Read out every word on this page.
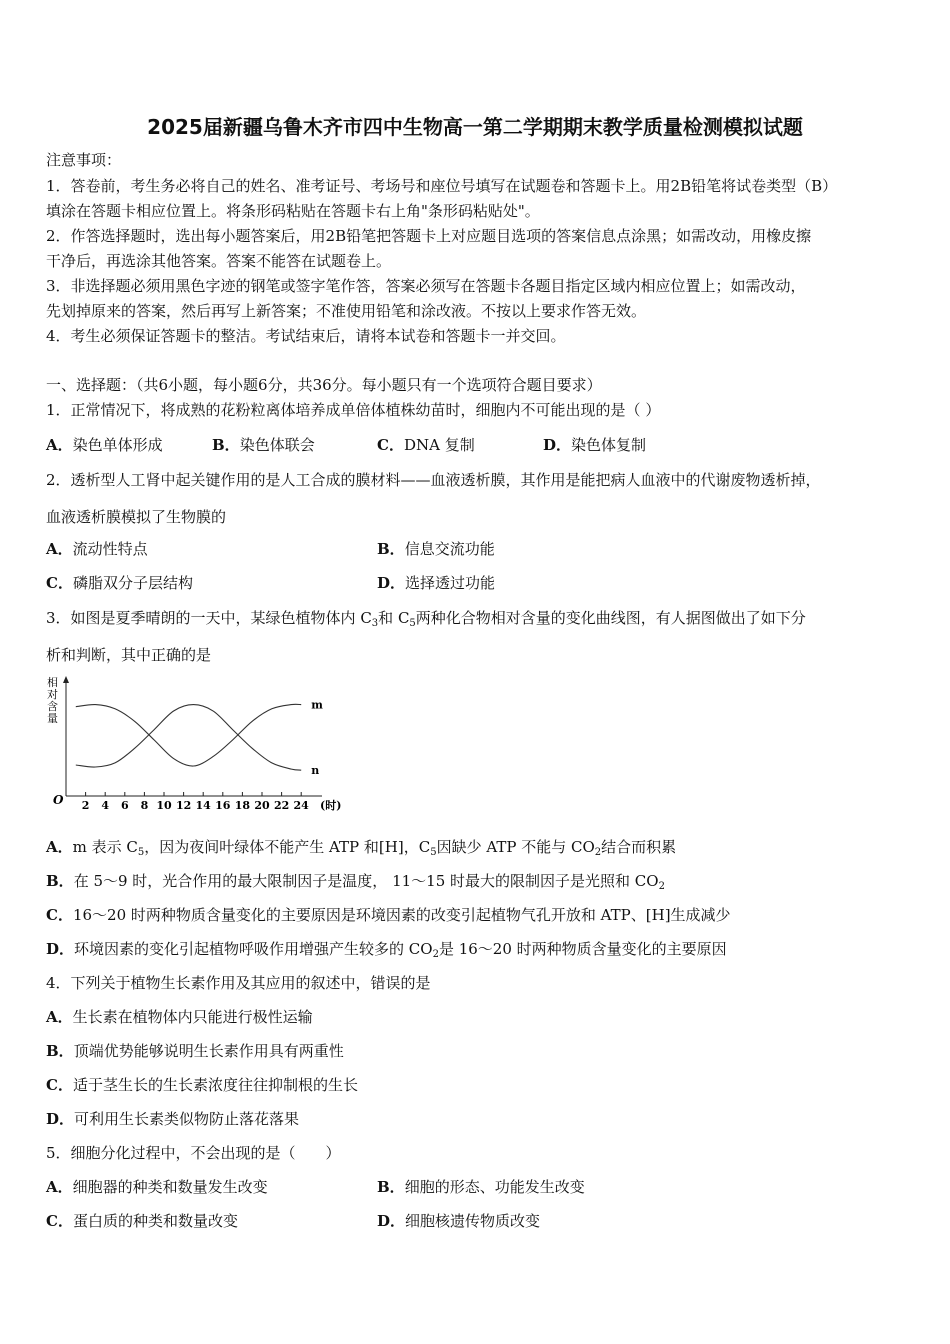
2025届新疆乌鲁木齐市四中生物高一第二学期期末教学质量检测模拟试题
注意事项：
1．答卷前，考生务必将自己的姓名、准考证号、考场号和座位号填写在试题卷和答题卡上。用2B铅笔将试卷类型（B）
填涂在答题卡相应位置上。将条形码粘贴在答题卡右上角"条形码粘贴处"。
2．作答选择题时，选出每小题答案后，用2B铅笔把答题卡上对应题目选项的答案信息点涂黑；如需改动，用橡皮擦
干净后，再选涂其他答案。答案不能答在试题卷上。
3．非选择题必须用黑色字迹的钢笔或签字笔作答，答案必须写在答题卡各题目指定区域内相应位置上；如需改动，
先划掉原来的答案，然后再写上新答案；不准使用铅笔和涂改液。不按以上要求作答无效。
4．考生必须保证答题卡的整洁。考试结束后，请将本试卷和答题卡一并交回。
一、选择题：（共6小题，每小题6分，共36分。每小题只有一个选项符合题目要求）
1．正常情况下，将成熟的花粉粒离体培养成单倍体植株幼苗时，细胞内不可能出现的是（ ）
A．染色单体形成	B．染色体联会	C．DNA 复制	D．染色体复制
2．透析型人工肾中起关键作用的是人工合成的膜材料——血液透析膜，其作用是能把病人血液中的代谢废物透析掉，
血液透析膜模拟了生物膜的
A．流动性特点	B．信息交流功能
C．磷脂双分子层结构	D．选择透过功能
3．如图是夏季晴朗的一天中，某绿色植物体内 $C_3$和 $C_5$两种化合物相对含量的变化曲线图，有人据图做出了如下分
析和判断，其中正确的是
相对含量
O	(时)
2 4 6 8 10 12 14 16 18 20 22 24
m
n
A．m 表示 $C_5$，因为夜间叶绿体不能产生 ATP 和[H]，$C_5$因缺少 ATP 不能与 $CO_2$结合而积累
B．在 5～9 时，光合作用的最大限制因子是温度， 11～15 时最大的限制因子是光照和 $CO_2$
C．16～20 时两种物质含量变化的主要原因是环境因素的改变引起植物气孔开放和 ATP、[H]生成减少
D．环境因素的变化引起植物呼吸作用增强产生较多的 $CO_2$是 16～20 时两种物质含量变化的主要原因
4．下列关于植物生长素作用及其应用的叙述中，错误的是
A．生长素在植物体内只能进行极性运输
B．顶端优势能够说明生长素作用具有两重性
C．适于茎生长的生长素浓度往往抑制根的生长
D．可利用生长素类似物防止落花落果
5．细胞分化过程中，不会出现的是（　　）
A．细胞器的种类和数量发生改变	B．细胞的形态、功能发生改变
C．蛋白质的种类和数量改变	D．细胞核遗传物质改变
